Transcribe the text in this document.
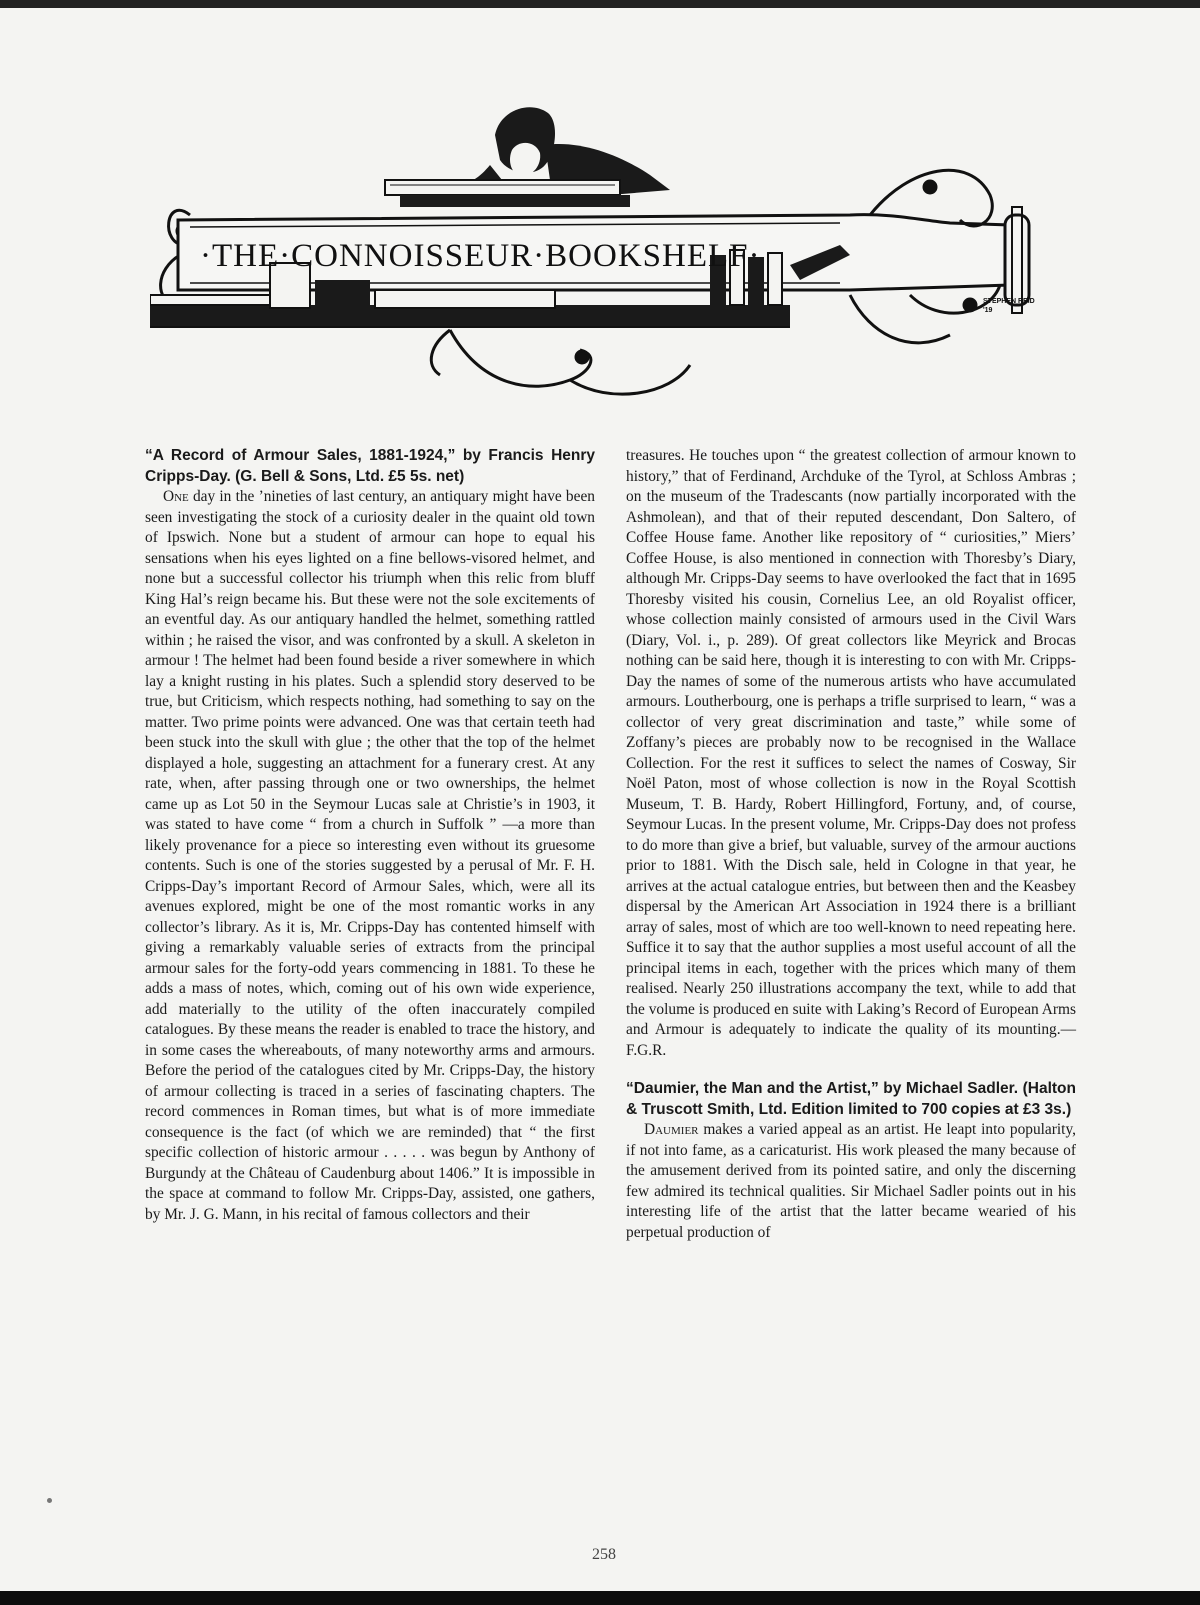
·THE·CONNOISSEUR·BOOKSHELF·
STEPHEN REID '19

“A Record of Armour Sales, 1881-1924,” by Francis Henry Cripps-Day. (G. Bell & Sons, Ltd. £5 5s. net)

One day in the ’nineties of last century, an antiquary might have been seen investigating the stock of a curiosity dealer in the quaint old town of Ipswich. None but a student of armour can hope to equal his sensations when his eyes lighted on a fine bellows-visored helmet, and none but a successful collector his triumph when this relic from bluff King Hal’s reign became his. But these were not the sole excitements of an eventful day. As our antiquary handled the helmet, something rattled within ; he raised the visor, and was confronted by a skull. A skeleton in armour ! The helmet had been found beside a river somewhere in which lay a knight rusting in his plates. Such a splendid story deserved to be true, but Criticism, which respects nothing, had something to say on the matter. Two prime points were advanced. One was that certain teeth had been stuck into the skull with glue ; the other that the top of the helmet displayed a hole, suggesting an attachment for a funerary crest. At any rate, when, after passing through one or two ownerships, the helmet came up as Lot 50 in the Seymour Lucas sale at Christie’s in 1903, it was stated to have come “ from a church in Suffolk ” —a more than likely provenance for a piece so interesting even without its gruesome contents. Such is one of the stories suggested by a perusal of Mr. F. H. Cripps-Day’s important Record of Armour Sales, which, were all its avenues explored, might be one of the most romantic works in any collector’s library. As it is, Mr. Cripps-Day has contented himself with giving a remarkably valuable series of extracts from the principal armour sales for the forty-odd years commencing in 1881. To these he adds a mass of notes, which, coming out of his own wide experience, add materially to the utility of the often inaccurately compiled catalogues. By these means the reader is enabled to trace the history, and in some cases the whereabouts, of many noteworthy arms and armours. Before the period of the catalogues cited by Mr. Cripps-Day, the history of armour collecting is traced in a series of fascinating chapters. The record commences in Roman times, but what is of more immediate consequence is the fact (of which we are reminded) that “ the first specific collection of historic armour . . . . . was begun by Anthony of Burgundy at the Château of Caudenburg about 1406.” It is impossible in the space at command to follow Mr. Cripps-Day, assisted, one gathers, by Mr. J. G. Mann, in his recital of famous collectors and their

treasures. He touches upon “ the greatest collection of armour known to history,” that of Ferdinand, Archduke of the Tyrol, at Schloss Ambras ; on the museum of the Tradescants (now partially incorporated with the Ashmolean), and that of their reputed descendant, Don Saltero, of Coffee House fame. Another like repository of “ curiosities,” Miers’ Coffee House, is also mentioned in connection with Thoresby’s Diary, although Mr. Cripps-Day seems to have overlooked the fact that in 1695 Thoresby visited his cousin, Cornelius Lee, an old Royalist officer, whose collection mainly consisted of armours used in the Civil Wars (Diary, Vol. i., p. 289). Of great collectors like Meyrick and Brocas nothing can be said here, though it is interesting to con with Mr. Cripps-Day the names of some of the numerous artists who have accumulated armours. Loutherbourg, one is perhaps a trifle surprised to learn, “ was a collector of very great discrimination and taste,” while some of Zoffany’s pieces are probably now to be recognised in the Wallace Collection. For the rest it suffices to select the names of Cosway, Sir Noël Paton, most of whose collection is now in the Royal Scottish Museum, T. B. Hardy, Robert Hillingford, Fortuny, and, of course, Seymour Lucas. In the present volume, Mr. Cripps-Day does not profess to do more than give a brief, but valuable, survey of the armour auctions prior to 1881. With the Disch sale, held in Cologne in that year, he arrives at the actual catalogue entries, but between then and the Keasbey dispersal by the American Art Association in 1924 there is a brilliant array of sales, most of which are too well-known to need repeating here. Suffice it to say that the author supplies a most useful account of all the principal items in each, together with the prices which many of them realised. Nearly 250 illustrations accompany the text, while to add that the volume is produced en suite with Laking’s Record of European Arms and Armour is adequately to indicate the quality of its mounting.—F.G.R.

“Daumier, the Man and the Artist,” by Michael Sadler. (Halton & Truscott Smith, Ltd. Edition limited to 700 copies at £3 3s.)

Daumier makes a varied appeal as an artist. He leapt into popularity, if not into fame, as a caricaturist. His work pleased the many because of the amusement derived from its pointed satire, and only the discerning few admired its technical qualities. Sir Michael Sadler points out in his interesting life of the artist that the latter became wearied of his perpetual production of

258
